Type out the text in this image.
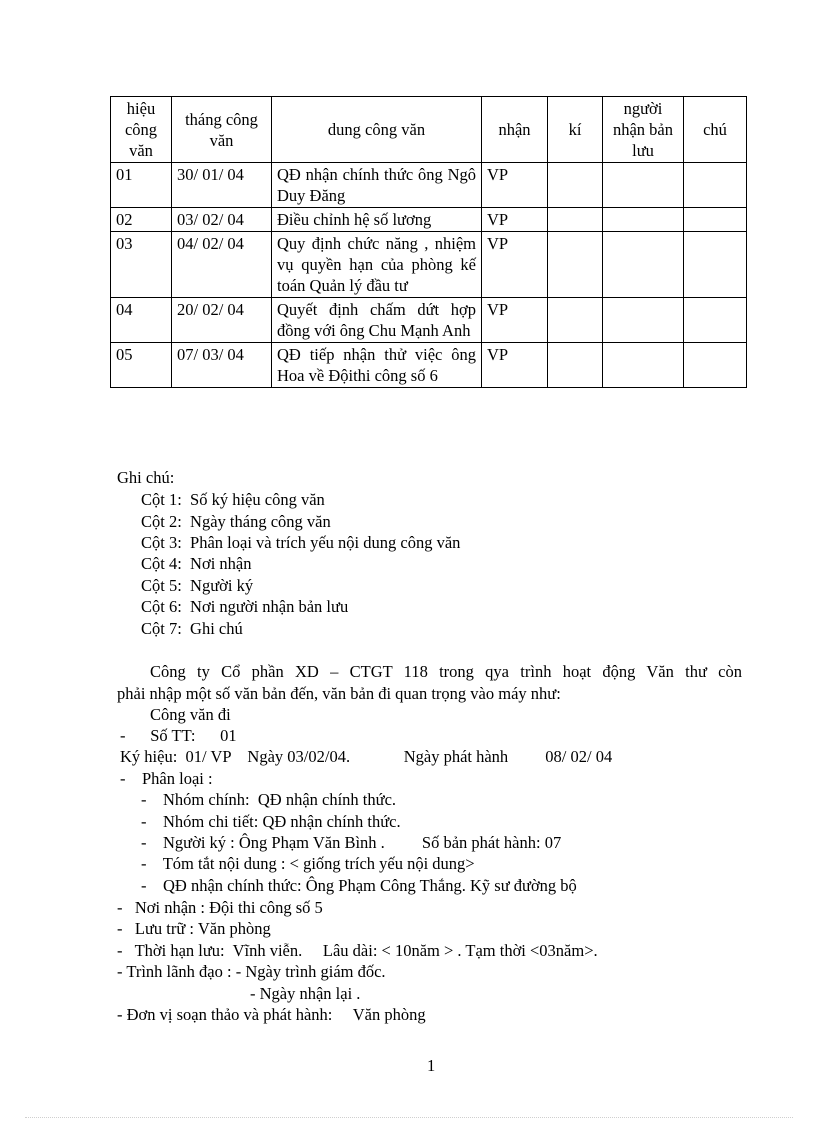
hiệu công văn	tháng công văn	dung công văn	nhận	kí	người nhận bản lưu	chú
01	30/ 01/ 04	QĐ nhận chính thức ông Ngô Duy Đăng	VP			
02	03/ 02/ 04	Điều chỉnh hệ số lương	VP			
03	04/ 02/ 04	Quy định chức năng , nhiệm vụ quyền hạn của phòng kế toán Quản lý đầu tư	VP			
04	20/ 02/ 04	Quyết định chấm dứt hợp đồng với ông Chu Mạnh Anh	VP			
05	07/ 03/ 04	QĐ tiếp nhận thử việc ông Hoa về Độithi công số 6	VP			
Ghi chú:
Cột 1:  Số ký hiệu công văn
Cột 2:  Ngày tháng công văn
Cột 3:  Phân loại và trích yếu nội dung công văn
Cột 4:  Nơi nhận
Cột 5:  Người ký
Cột 6:  Nơi người nhận bản lưu
Cột 7:  Ghi chú
Công ty Cổ phần XD – CTGT 118 trong qya trình hoạt động Văn thư còn
phải nhập một số văn bản đến, văn bản đi quan trọng vào máy như:
Công văn đi
-      Số TT:      01
Ký hiệu:  01/ VP    Ngày 03/02/04.             Ngày phát hành         08/ 02/ 04
-    Phân loại :
-    Nhóm chính:  QĐ nhận chính thức.
-    Nhóm chi tiết: QĐ nhận chính thức.
-    Người ký : Ông Phạm Văn Bình .         Số bản phát hành: 07
-    Tóm tắt nội dung : < giống trích yếu nội dung>
-    QĐ nhận chính thức: Ông Phạm Công Thắng. Kỹ sư đường bộ
-   Nơi nhận : Đội thi công số 5
-   Lưu trữ : Văn phòng
-   Thời hạn lưu:  Vĩnh viễn.     Lâu dài: < 10năm > . Tạm thời <03năm>.
- Trình lãnh đạo : - Ngày trình giám đốc.
- Ngày nhận lại .
- Đơn vị soạn thảo và phát hành:     Văn phòng
1
